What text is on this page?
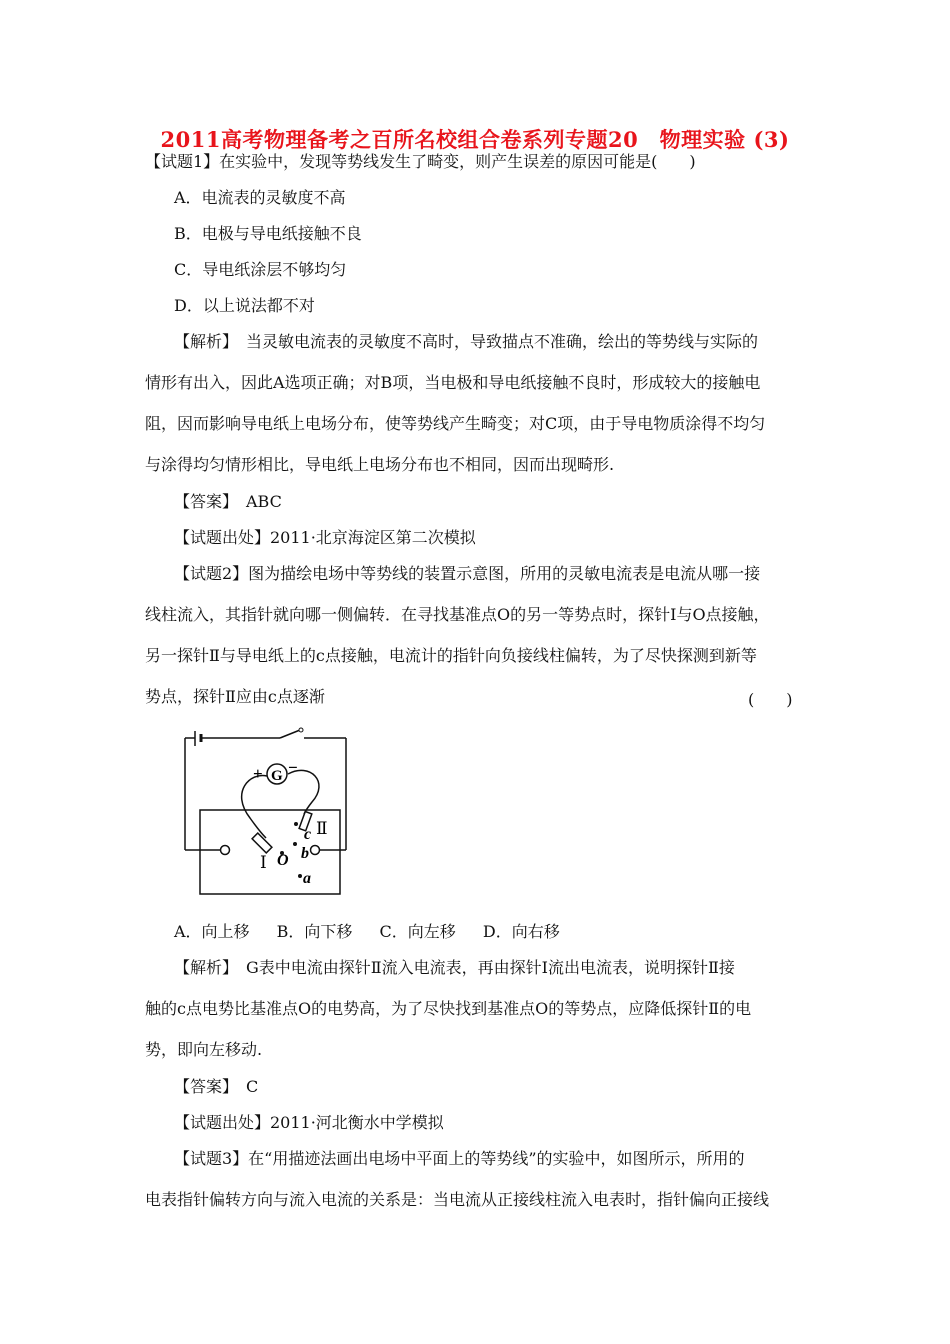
2011高考物理备考之百所名校组合卷系列专题20　物理实验 (3)
【试题1】在实验中，发现等势线发生了畸变，则产生误差的原因可能是(　　)
A．电流表的灵敏度不高
B．电极与导电纸接触不良
C．导电纸涂层不够均匀
D．以上说法都不对
【解析】　当灵敏电流表的灵敏度不高时，导致描点不准确，绘出的等势线与实际的
情形有出入，因此A选项正确；对B项，当电极和导电纸接触不良时，形成较大的接触电
阻，因而影响导电纸上电场分布，使等势线产生畸变；对C项，由于导电物质涂得不均匀
与涂得均匀情形相比，导电纸上电场分布也不相同，因而出现畸形.
【答案】　ABC
【试题出处】2011·北京海淀区第二次模拟
【试题2】图为描绘电场中等势线的装置示意图，所用的灵敏电流表是电流从哪一接
线柱流入，其指针就向哪一侧偏转．在寻找基准点O的另一等势点时，探针Ⅰ与O点接触，
另一探针Ⅱ与导电纸上的c点接触，电流计的指针向负接线柱偏转，为了尽快探测到新等
势点，探针Ⅱ应由c点逐渐	(　　)
G
+ −
c
b
O
a
Ⅰ
Ⅱ
A．向上移 B．向下移 C．向左移 D．向右移
【解析】　G表中电流由探针Ⅱ流入电流表，再由探针Ⅰ流出电流表，说明探针Ⅱ接
触的c点电势比基准点O的电势高，为了尽快找到基准点O的等势点，应降低探针Ⅱ的电
势，即向左移动.
【答案】　C
【试题出处】2011·河北衡水中学模拟
【试题3】在“用描迹法画出电场中平面上的等势线”的实验中，如图所示，所用的
电表指针偏转方向与流入电流的关系是：当电流从正接线柱流入电表时，指针偏向正接线
